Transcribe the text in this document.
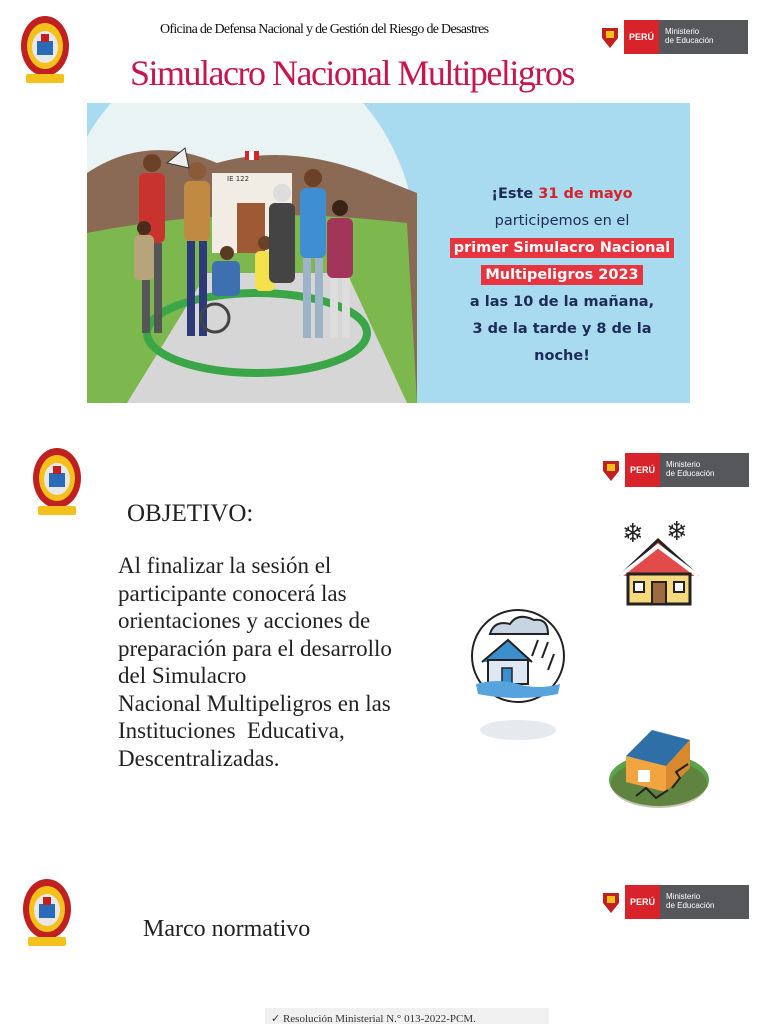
Oficina de Defensa Nacional y de Gestión del Riesgo de Desastres	PERÚ
Ministerio
de Educación
Simulacro Nacional Multipeligros
IE 122
¡Este 31 de mayo participemos en el
primer Simulacro Nacional
Multipeligros 2023
a las 10 de la mañana,
3 de la tarde y 8 de la noche!
PERÚ
Ministerio
de Educación
OBJETIVO:
Al finalizar la sesión el
participante conocerá las
orientaciones y acciones de
preparación para el desarrollo
del Simulacro
Nacional Multipeligros en las
Instituciones  Educativa,
Descentralizadas.
❄ ❄
PERÚ
Ministerio
de Educación
Marco normativo
✓ Resolución Ministerial N.° 013-2022-PCM.
